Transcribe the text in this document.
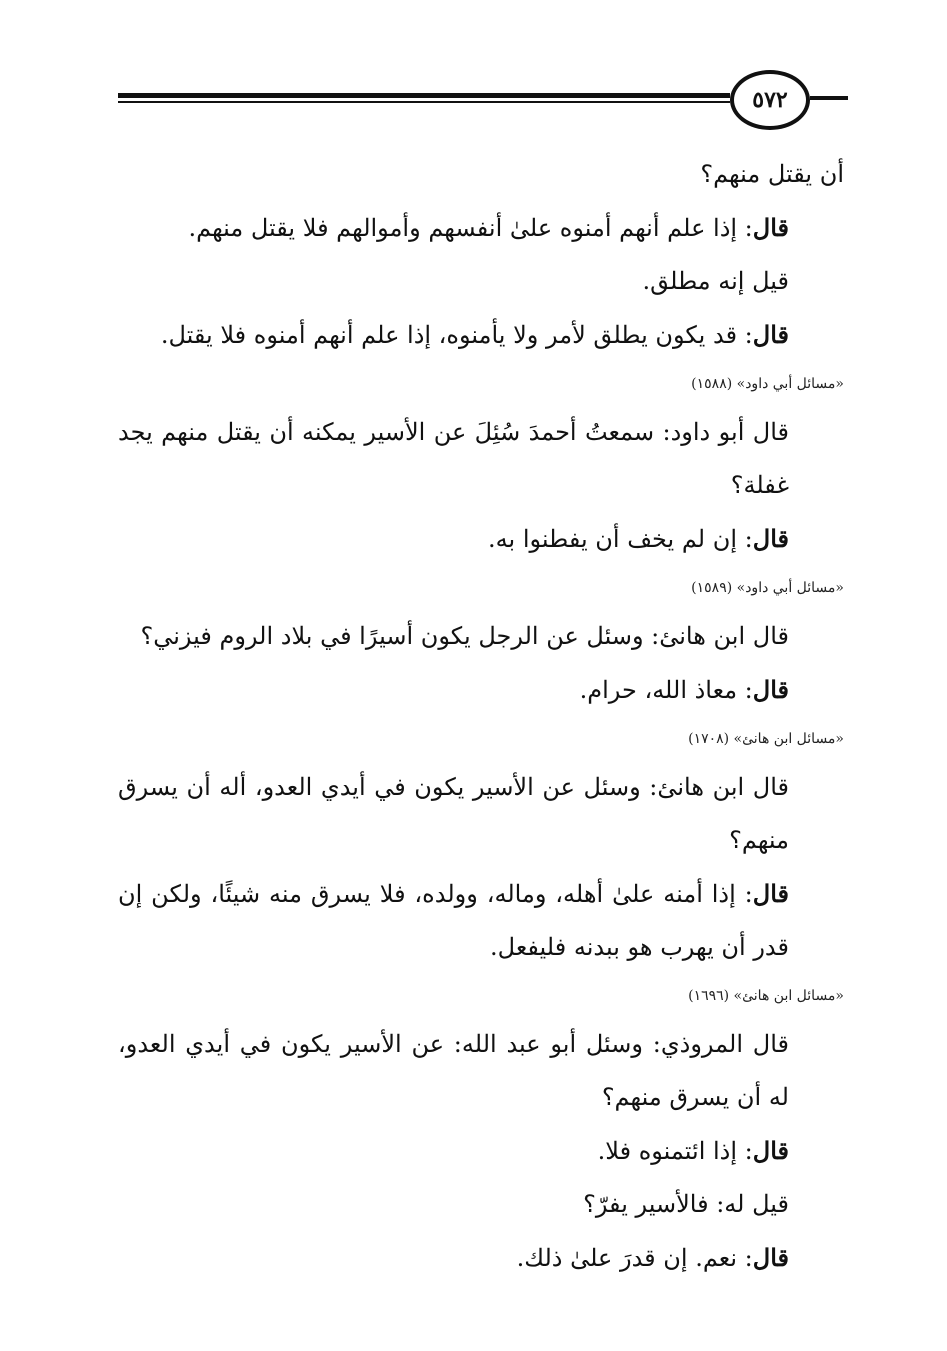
٥٧٢

أن يقتل منهم؟

قال: إذا علم أنهم أمنوه علىٰ أنفسهم وأموالهم فلا يقتل منهم.

قيل إنه مطلق.

قال: قد يكون يطلق لأمر ولا يأمنوه، إذا علم أنهم أمنوه فلا يقتل.

«مسائل أبي داود» (١٥٨٨)

قال أبو داود: سمعتُ أحمدَ سُئِلَ عن الأسير يمكنه أن يقتل منهم يجد غفلة؟

قال: إن لم يخف أن يفطنوا به.

«مسائل أبي داود» (١٥٨٩)

قال ابن هانئ: وسئل عن الرجل يكون أسيرًا في بلاد الروم فيزني؟

قال: معاذ الله، حرام.

«مسائل ابن هانئ» (١٧٠٨)

قال ابن هانئ: وسئل عن الأسير يكون في أيدي العدو، أله أن يسرق منهم؟

قال: إذا أمنه علىٰ أهله، وماله، وولده، فلا يسرق منه شيئًا، ولكن إن قدر أن يهرب هو ببدنه فليفعل.

«مسائل ابن هانئ» (١٦٩٦)

قال المروذي: وسئل أبو عبد الله: عن الأسير يكون في أيدي العدو، له أن يسرق منهم؟

قال: إذا ائتمنوه فلا.

قيل له: فالأسير يفرّ؟

قال: نعم. إن قدرَ علىٰ ذلك.
